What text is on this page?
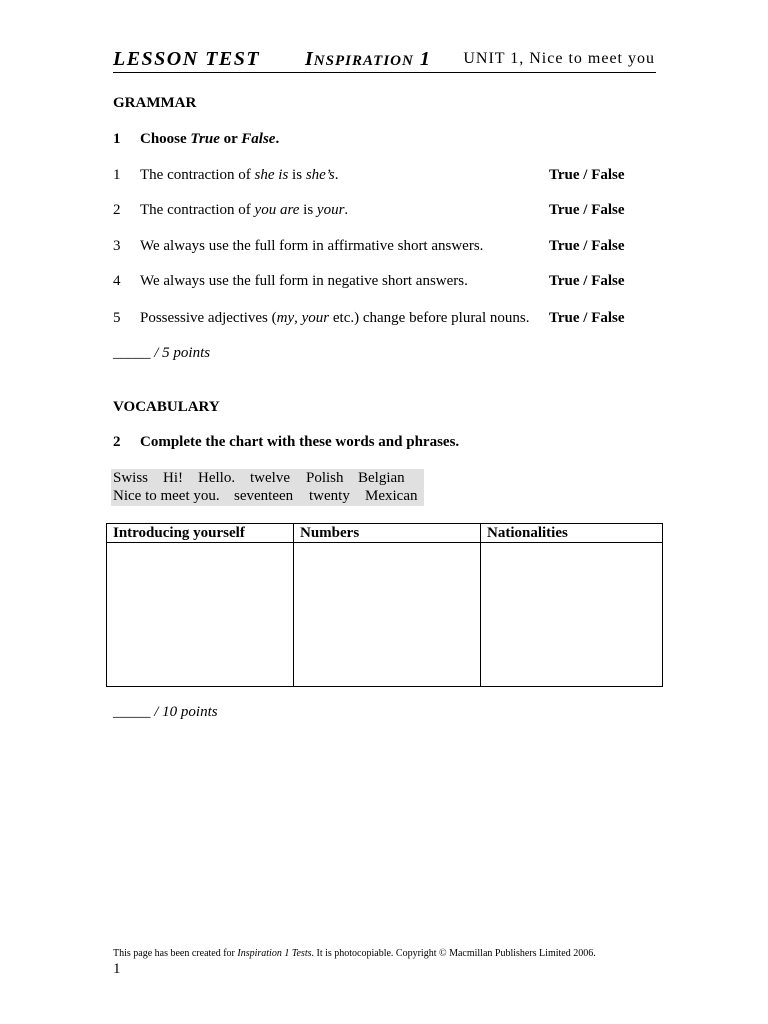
LESSON TEST INSPIRATION 1 UNIT 1, Nice to meet you
GRAMMAR
1 Choose True or False.
1 The contraction of she is is she’s.	True / False
2 The contraction of you are is your.	True / False
3 We always use the full form in affirmative short answers.	True / False
4 We always use the full form in negative short answers.	True / False
5 Possessive adjectives (my, your etc.) change before plural nouns. True / False
_____ / 5 points
VOCABULARY
2 Complete the chart with these words and phrases.
Swiss Hi! Hello. twelve Polish Belgian
Nice to meet you. seventeen twenty Mexican
Introducing yourself	Numbers	Nationalities

_____ / 10 points
This page has been created for Inspiration 1 Tests. It is photocopiable. Copyright © Macmillan Publishers Limited 2006.
1
